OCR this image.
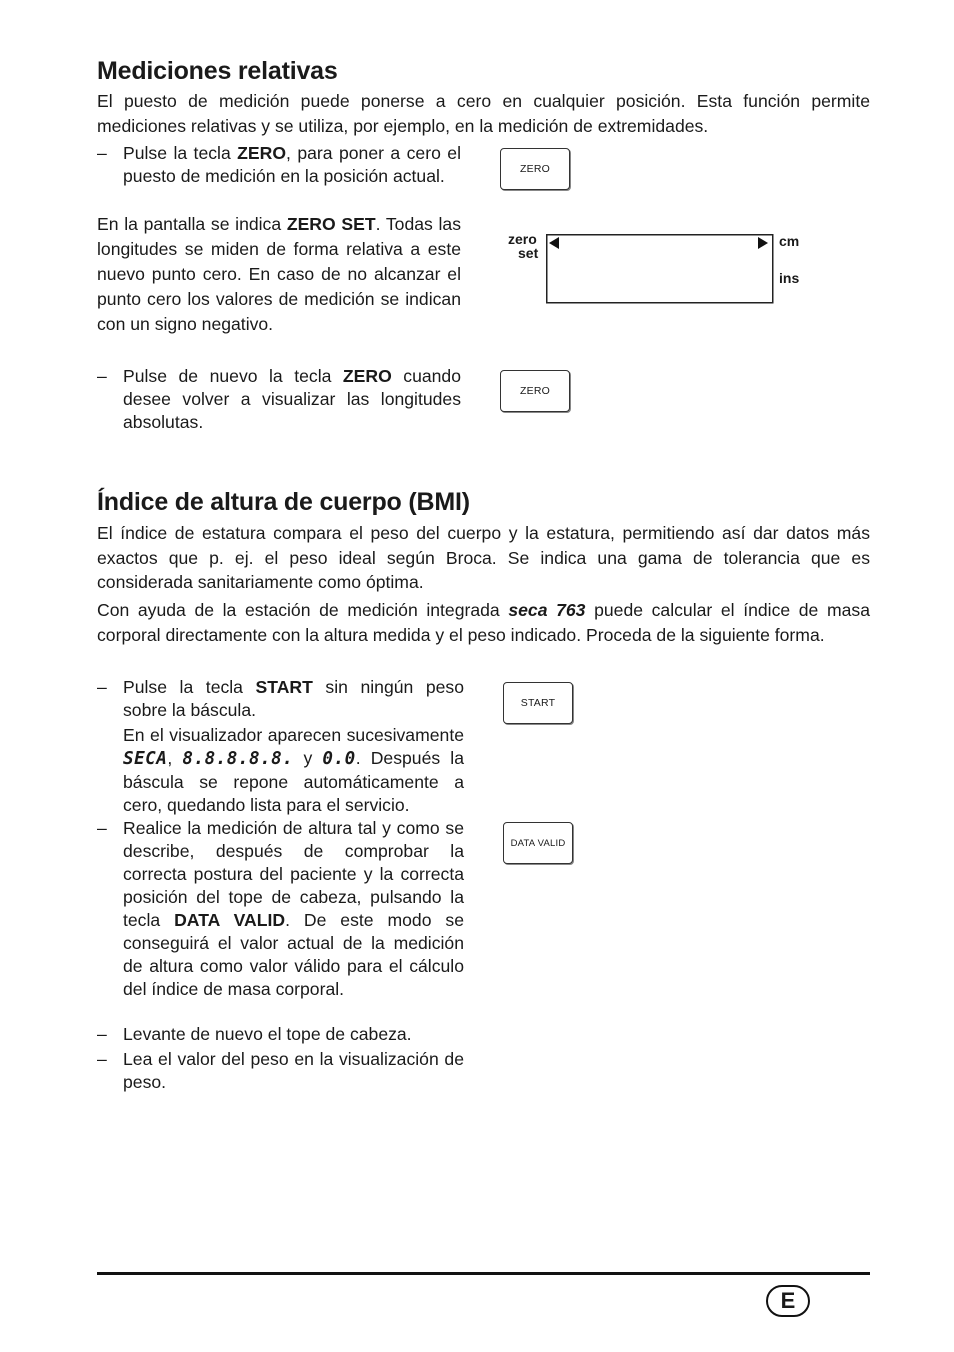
Mediciones relativas
El puesto de medición puede ponerse a cero en cualquier posición. Esta función permite mediciones relativas y se utiliza, por ejemplo, en la medición de extremidades.
– Pulse la tecla ZERO, para poner a cero el puesto de medición en la posición actual.
En la pantalla se indica ZERO SET. Todas las longitudes se miden de forma relativa a este nuevo punto cero. En caso de no alcanzar el punto cero los valores de medición se indican con un signo negativo.
– Pulse de nuevo la tecla ZERO cuando desee volver a visualizar las longitudes absolutas.
ZERO
zero
set
cm
ins
ZERO
Índice de altura de cuerpo (BMI)
El índice de estatura compara el peso del cuerpo y la estatura, permitiendo así dar datos más exactos que p. ej. el peso ideal según Broca. Se indica una gama de tolerancia que es considerada sanitariamente como óptima.
Con ayuda de la estación de medición integrada seca 763 puede calcular el índice de masa corporal directamente con la altura medida y el peso indicado. Proceda de la siguiente forma.
– Pulse la tecla START sin ningún peso sobre la báscula.
En el visualizador aparecen sucesivamente SECA, 8.8.8.8.8. y 0.0. Después la báscula se repone automáticamente a cero, quedando lista para el servicio.
– Realice la medición de altura tal y como se describe, después de comprobar la correcta postura del paciente y la correcta posición del tope de cabeza, pulsando la tecla DATA VALID. De este modo se conseguirá el valor actual de la medición de altura como valor válido para el cálculo del índice de masa corporal.
– Levante de nuevo el tope de cabeza.
– Lea el valor del peso en la visualización de peso.
START
DATA VALID
E
